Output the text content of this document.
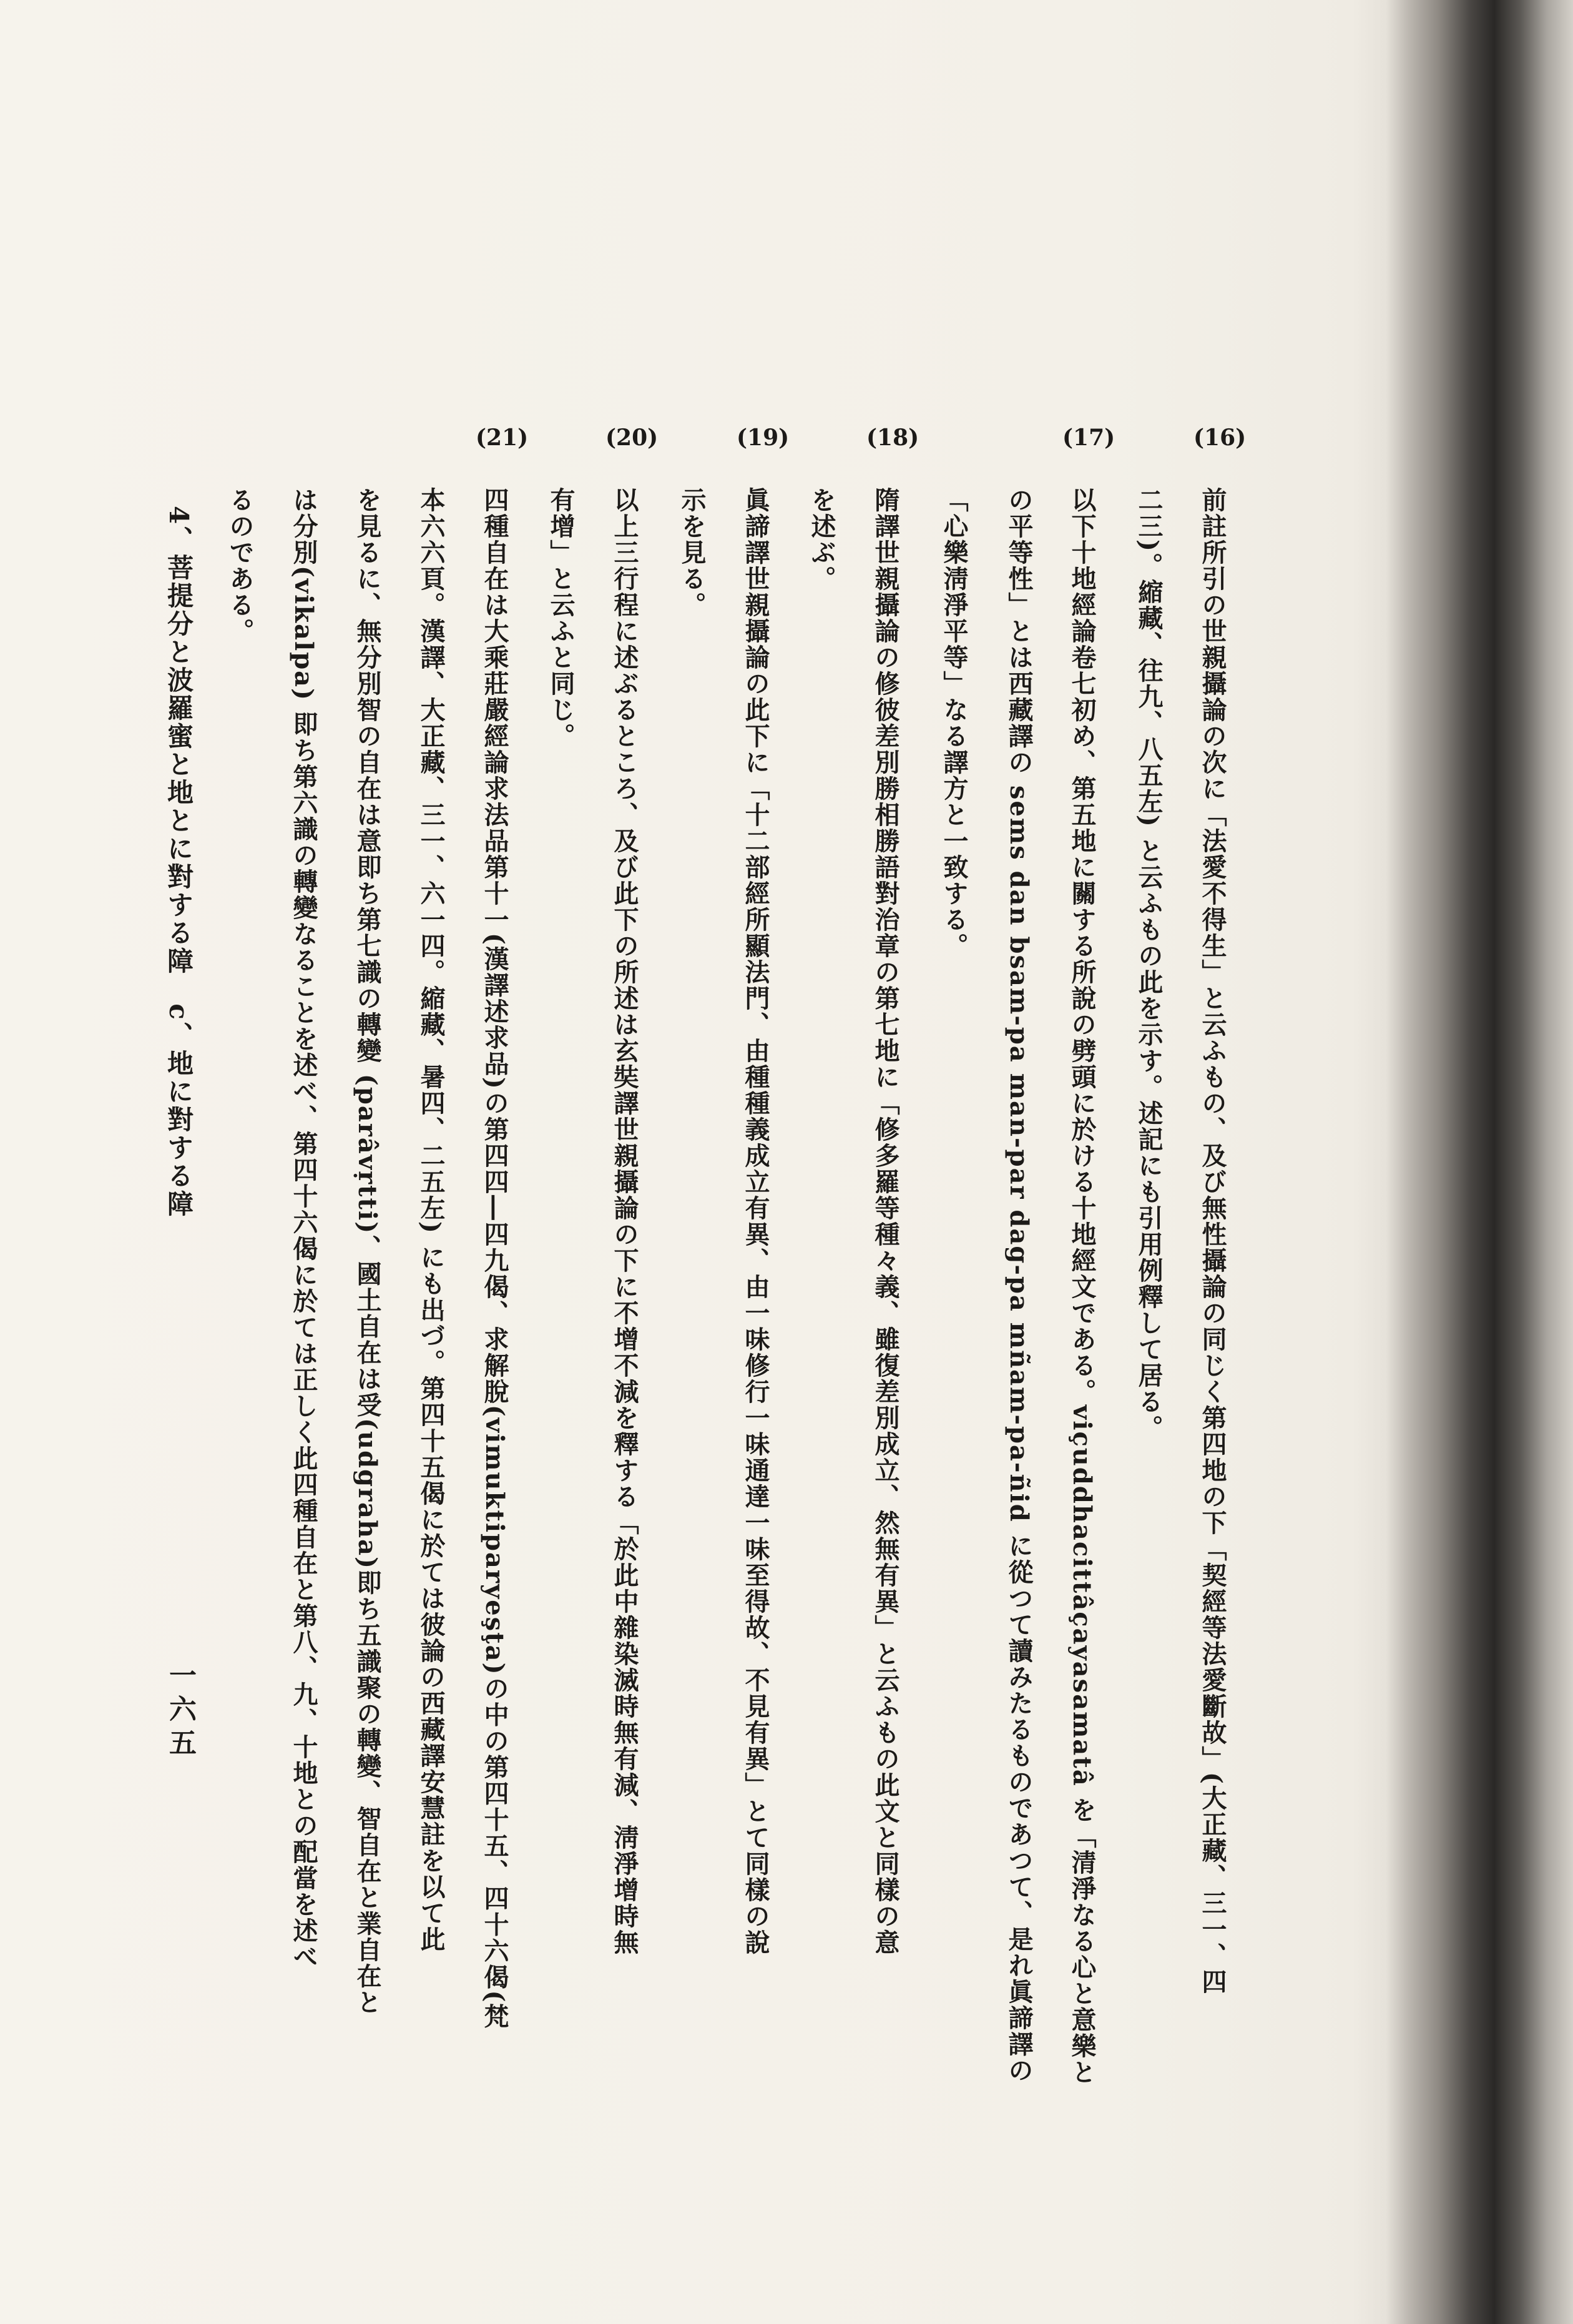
(16)
前註所引の世親攝論の次に「法愛不得生」と云ふもの、及び無性攝論の同じく第四地の下「契經等法愛斷故」(大正藏、三一、四
二三)。縮藏、往九、八五左) と云ふもの此を示す。述記にも引用例釋して居る。
(17)
以下十地經論卷七初め、第五地に關する所說の劈頭に於ける十地經文である。viçuddhacittâçayasamatâ を「清淨なる心と意樂と
の平等性」とは西藏譯の sems dan bsam-pa man-par dag-pa mñam-pa-ñid に從つて讀みたるものであつて、是れ眞諦譯の
「心樂淸淨平等」なる譯方と一致する。
(18)
隋譯世親攝論の修彼差別勝相勝語對治章の第七地に「修多羅等種々義、雖復差別成立、然無有異」と云ふもの此文と同樣の意
を述ぶ。
(19)
眞諦譯世親攝論の此下に「十二部經所顯法門、由種種義成立有異、由一味修行一味通達一味至得故、不見有異」とて同樣の說
示を見る。
(20)
以上三行程に述ぶるところ、及び此下の所述は玄奘譯世親攝論の下に不增不減を釋する「於此中雜染滅時無有減、淸淨增時無
有增」と云ふと同じ。
(21)
四種自在は大乘莊嚴經論求法品第十一(漢譯述求品)の第四四―四九偈、求解脫(vimuktiparyeşţa)の中の第四十五、四十六偈(梵
本六六頁。漢譯、大正藏、三一、六一四。縮藏、暑四、二五左) にも出づ。第四十五偈に於ては彼論の西藏譯安慧註を以て此
を見るに、無分別智の自在は意即ち第七識の轉變 (parâvṛtti)、國土自在は受(udgraha)即ち五識聚の轉變、智自在と業自在と
は分別(vikalpa) 即ち第六識の轉變なることを述べ、第四十六偈に於ては正しく此四種自在と第八、九、十地との配當を述べ
るのである。
4、菩提分と波羅蜜と地とに對する障　c、地に對する障
一六五
